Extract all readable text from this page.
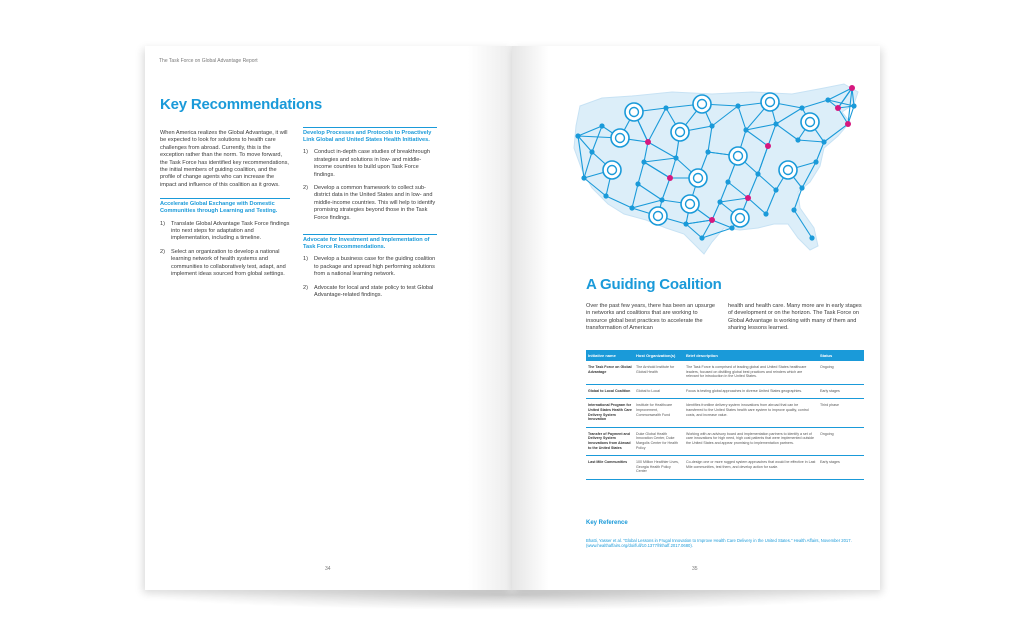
The Task Force on Global Advantage Report
Key Recommendations

When America realizes the Global Advantage, it will be expected to look for solutions to health care challenges from abroad. Currently, this is the exception rather than the norm. To move forward, the Task Force has identified key recommendations, the initial members of guiding coalition, and the profile of change agents who can increase the impact and influence of this coalition as it grows.

Accelerate Global Exchange with Domestic Communities through Learning and Testing.
1)	Translate Global Advantage Task Force findings into next steps for adaptation and implementation, including a timeline.
2)	Select an organization to develop a national learning network of health systems and communities to collaboratively test, adapt, and implement ideas sourced from global settings.
Develop Processes and Protocols to Proactively Link Global and United States Health Initiatives.
1)	Conduct in-depth case studies of breakthrough strategies and solutions in low- and middle-income countries to build upon Task Force findings.
2)	Develop a common framework to collect sub-district data in the United States and in low- and middle-income countries. This will help to identify promising strategies beyond those in the Task Force findings.
Advocate for Investment and Implementation of Task Force Recommendations.
1)	Develop a business case for the guiding coalition to package and spread high performing solutions from a national learning network.
2)	Advocate for local and state policy to test Global Advantage-related findings.
34
A Guiding Coalition

Over the past few years, there has been an upsurge in networks and coalitions that are working to insource global best practices to accelerate the transformation of American

health and health care. Many more are in early stages of development or on the horizon. The Task Force on Global Advantage is working with many of them and sharing lessons learned.

Initiative name	Host Organization(s)	Brief description	Status
The Task Force on Global Advantage	The Arnhold Institute for Global Health	The Task Force is comprised of leading global and United States healthcare leaders, focused on distilling global best practices and reinders which are relevant for introduction in the United States.	Ongoing
Global to Local Coalition	Global to Local	Focus is testing global approaches in diverse United States geographies.	Early stages
International Program for United States Health Care Delivery System Innovation	Institute for Healthcare Improvement, Commonwealth Fund	Identifies frontline delivery system innovations from abroad that can be transferred to the United States health care system to improve quality, control costs, and increase value.	Third phase
Transfer of Payment and Delivery System Innovations from Abroad to the United States	Duke Global Health Innovation Center, Duke Margolis Center for Health Policy	Working with an advisory board and implementation partners to identify a set of care innovations for high need, high cost patients that were implemented outside the United States and appear promising to implementation partners.	Ongoing
Last Mile Communities	100 Million Healthier Lives, Georgia Health Policy Center	Co-design one or more rugged system approaches that would be effective in Last Mile communities, test them, and develop action for scale.	Early stages
Key Reference
Bhatti, Yasser et al. "Global Lessons in Frugal Innovation to Improve Health Care Delivery in the United States." Health Affairs, November 2017. (www.healthaffairs.org/doi/full/10.1377/hlthaff.2017.0680).
35
